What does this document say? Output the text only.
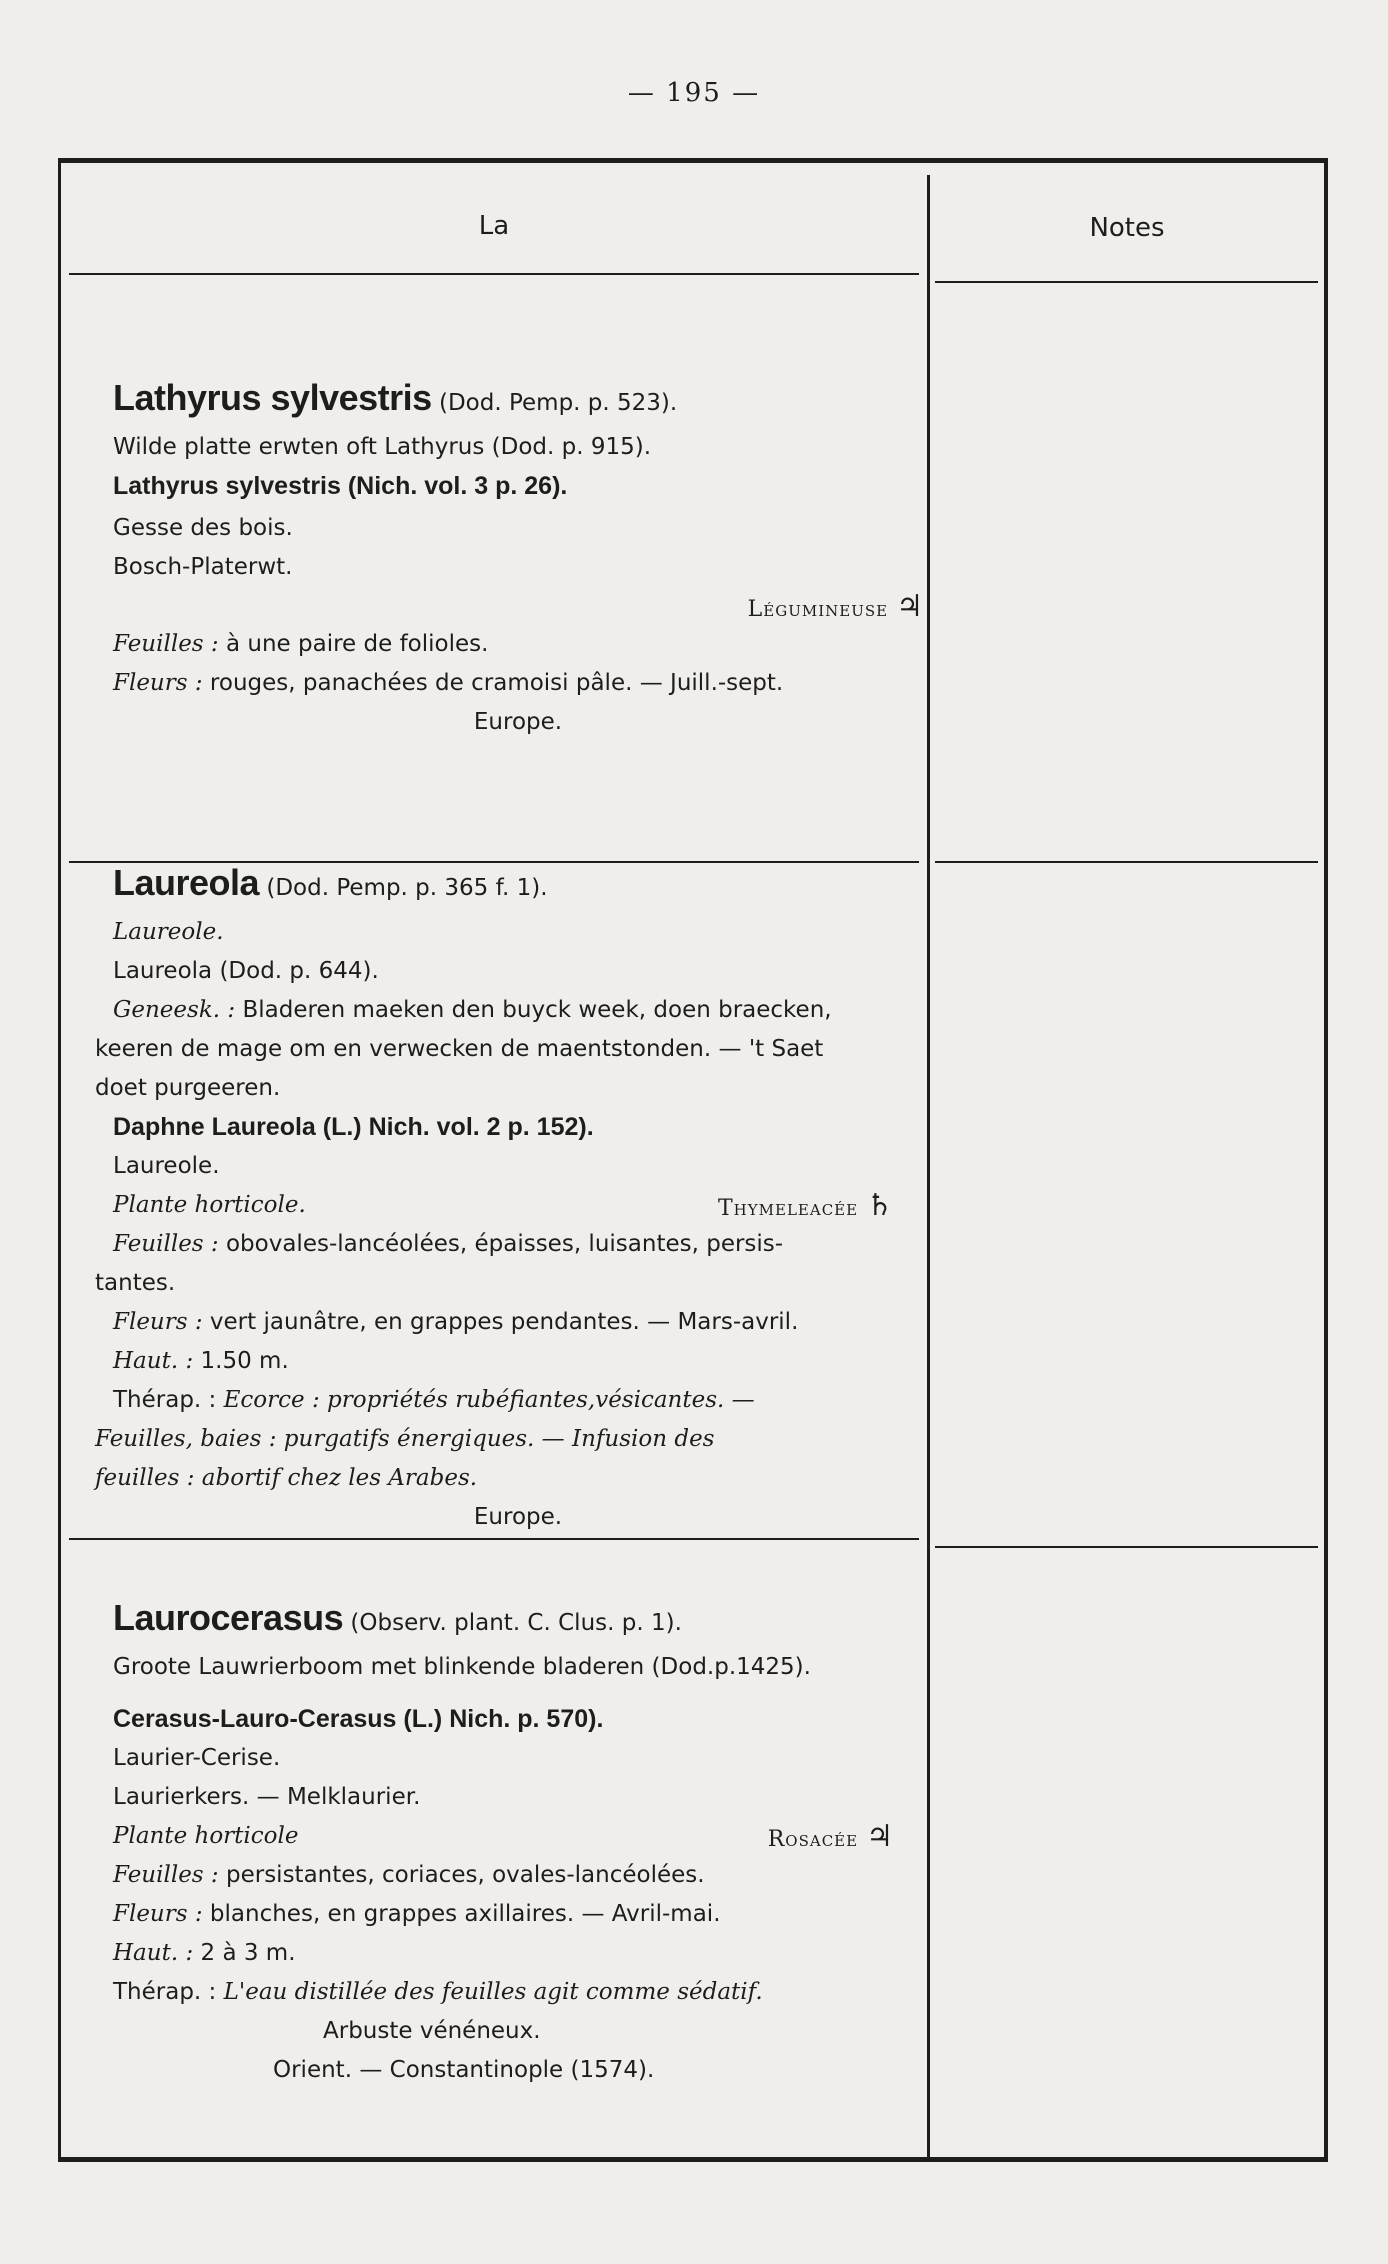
— 195 —
La	Notes
Lathyrus sylvestris (Dod. Pemp. p. 523).
Wilde platte erwten oft Lathyrus (Dod. p. 915).
Lathyrus sylvestris (Nich. vol. 3 p. 26).
Gesse des bois.
Bosch-Platerwt.
Légumineuse ♃
Feuilles : à une paire de folioles.
Fleurs : rouges, panachées de cramoisi pâle. — Juill.-sept.
Europe.
Laureola (Dod. Pemp. p. 365 f. 1).
Laureole.
Laureola (Dod. p. 644).
Geneesk. : Bladeren maeken den buyck week, doen braecken,
keeren de mage om en verwecken de maentstonden. — 't Saet
doet purgeeren.
Daphne Laureola (L.) Nich. vol. 2 p. 152).
Laureole.
Plante horticole.	Thymeleacée ♄
Feuilles : obovales-lancéolées, épaisses, luisantes, persis-
tantes.
Fleurs : vert jaunâtre, en grappes pendantes. — Mars-avril.
Haut. : 1.50 m.
Thérap. : Ecorce : propriétés rubéfiantes,vésicantes. —
Feuilles, baies : purgatifs énergiques. — Infusion des
feuilles : abortif chez les Arabes.
Europe.
Laurocerasus (Observ. plant. C. Clus. p. 1).
Groote Lauwrierboom met blinkende bladeren (Dod.p.1425).
Cerasus-Lauro-Cerasus (L.) Nich. p. 570).
Laurier-Cerise.
Laurierkers. — Melklaurier.
Plante horticole	Rosacée ♃
Feuilles : persistantes, coriaces, ovales-lancéolées.
Fleurs : blanches, en grappes axillaires. — Avril-mai.
Haut. : 2 à 3 m.
Thérap. : L'eau distillée des feuilles agit comme sédatif.
Arbuste vénéneux.
Orient. — Constantinople (1574).
